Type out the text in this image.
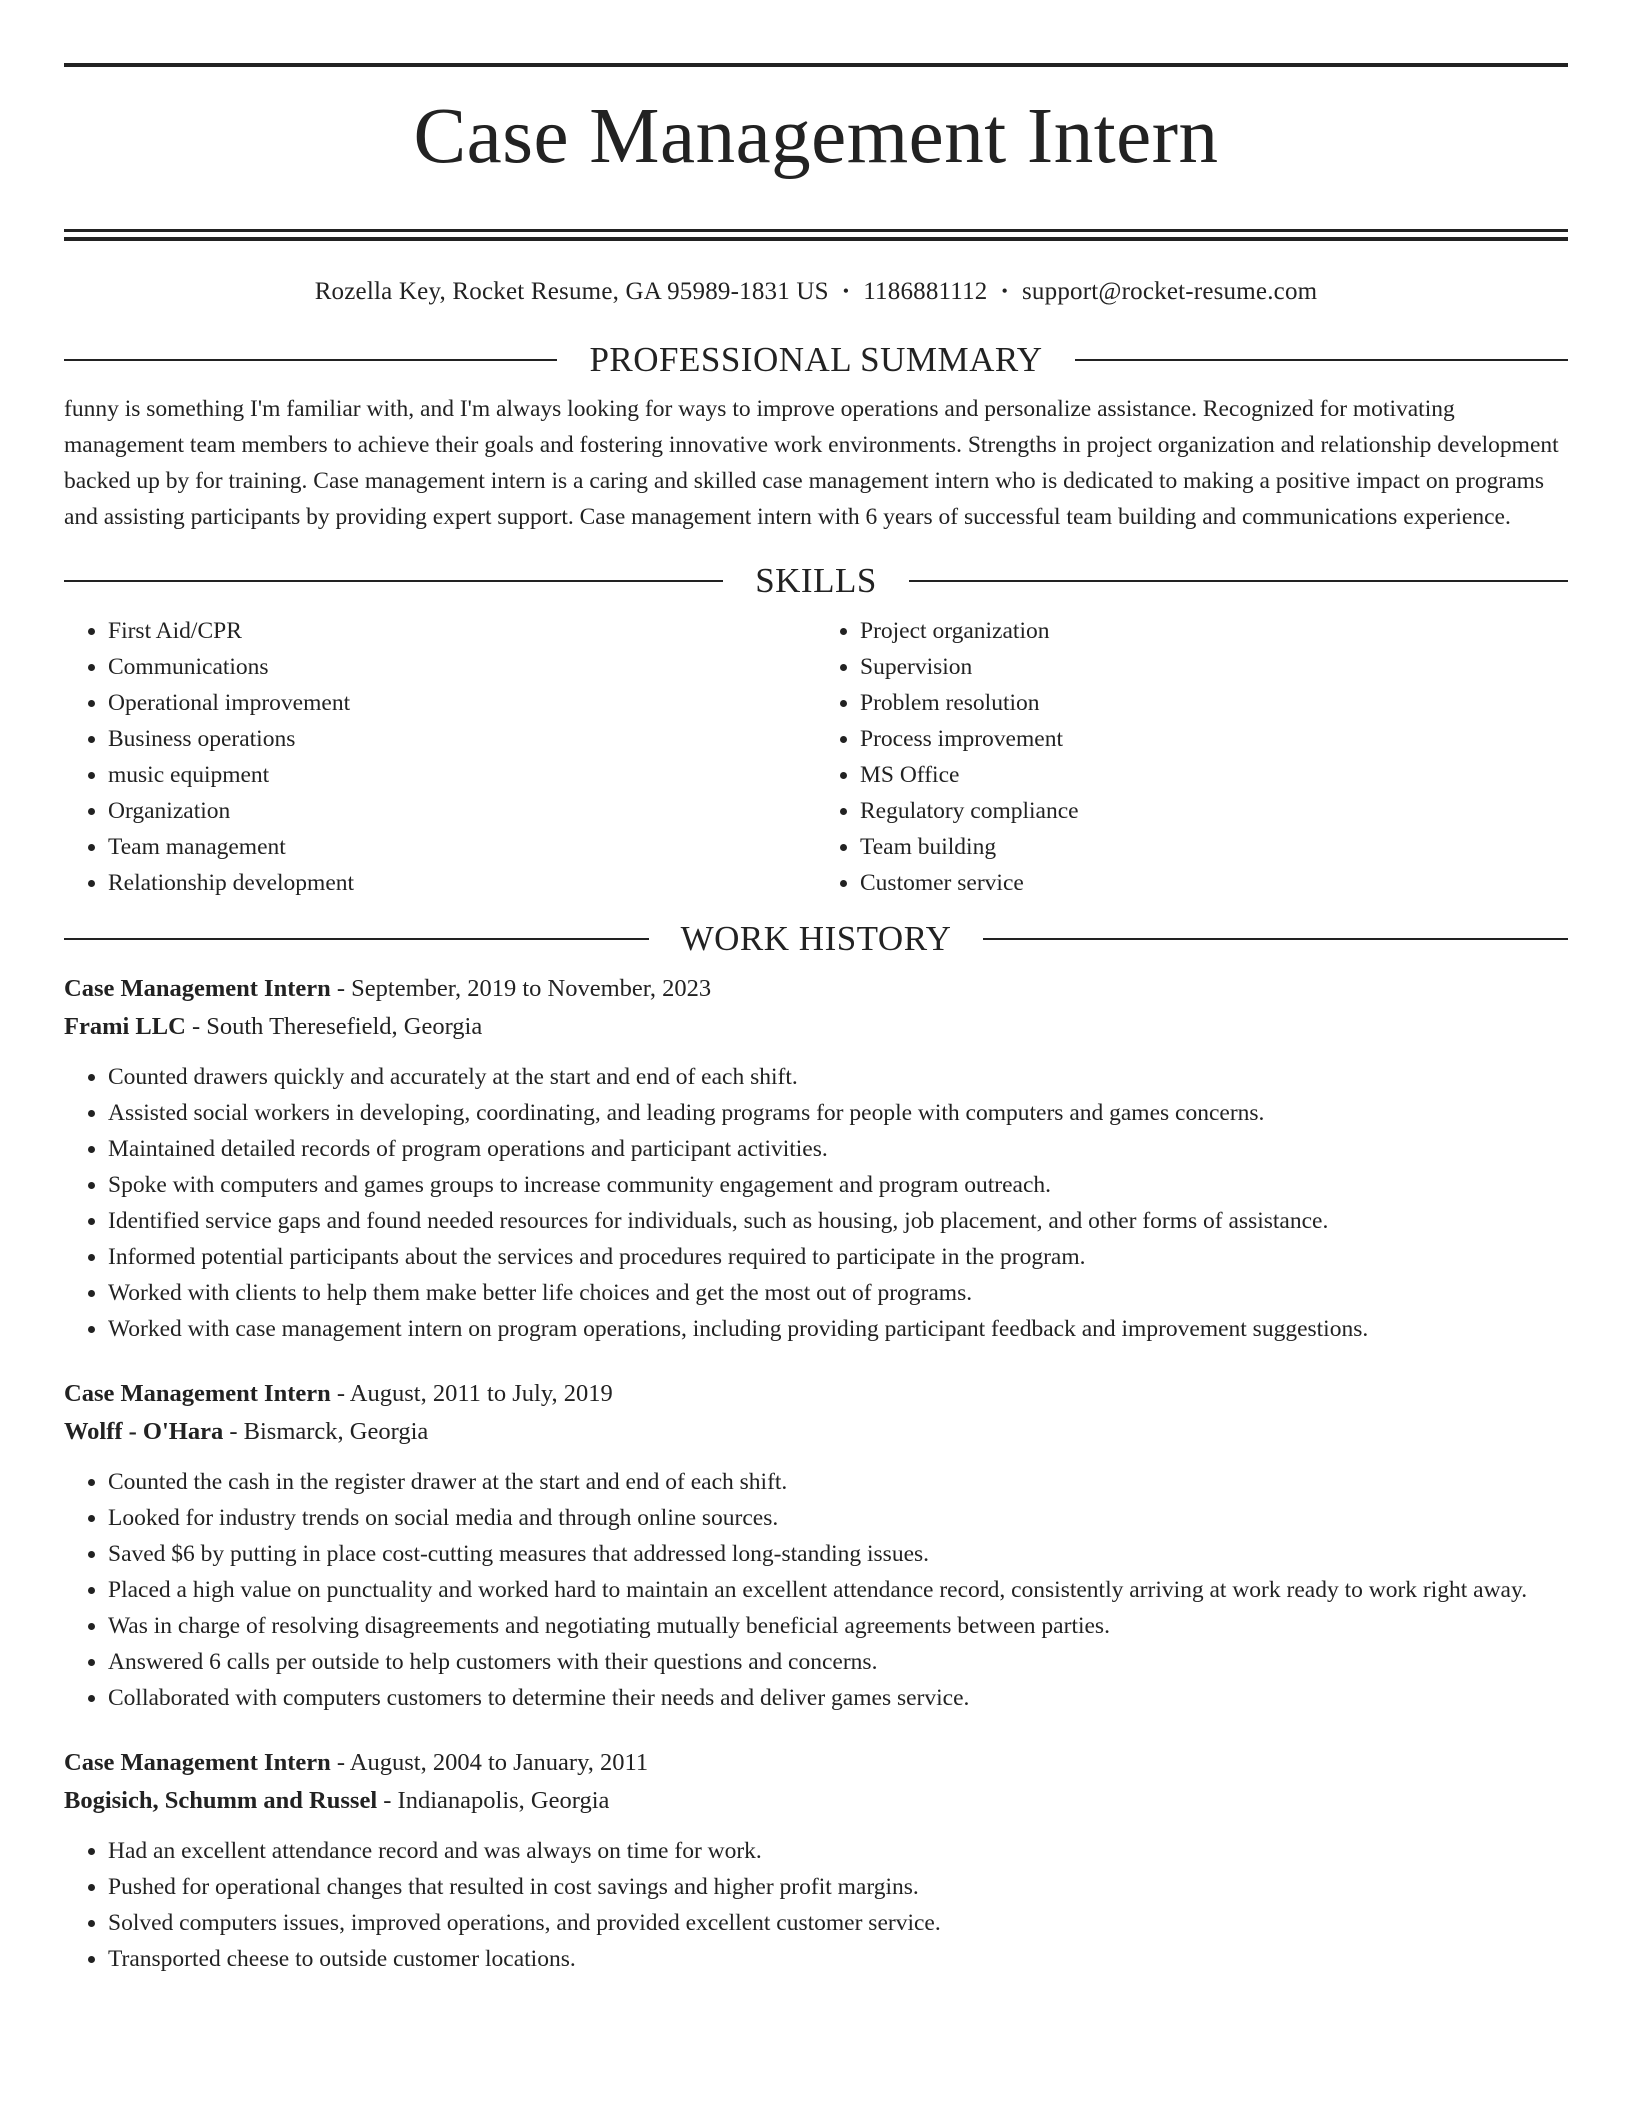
Case Management Intern
Rozella Key, Rocket Resume, GA 95989-1831 US • 1186881112 • support@rocket-resume.com
PROFESSIONAL SUMMARY

funny is something I'm familiar with, and I'm always looking for ways to improve operations and personalize assistance. Recognized for motivating management team members to achieve their goals and fostering innovative work environments. Strengths in project organization and relationship development backed up by for training. Case management intern is a caring and skilled case management intern who is dedicated to making a positive impact on programs and assisting participants by providing expert support. Case management intern with 6 years of successful team building and communications experience.

SKILLS
• First Aid/CPR
• Communications
• Operational improvement
• Business operations
• music equipment
• Organization
• Team management
• Relationship development
• Project organization
• Supervision
• Problem resolution
• Process improvement
• MS Office
• Regulatory compliance
• Team building
• Customer service
WORK HISTORY
Case Management Intern - September, 2019 to November, 2023
Frami LLC - South Theresefield, Georgia
• Counted drawers quickly and accurately at the start and end of each shift.
• Assisted social workers in developing, coordinating, and leading programs for people with computers and games concerns.
• Maintained detailed records of program operations and participant activities.
• Spoke with computers and games groups to increase community engagement and program outreach.
• Identified service gaps and found needed resources for individuals, such as housing, job placement, and other forms of assistance.
• Informed potential participants about the services and procedures required to participate in the program.
• Worked with clients to help them make better life choices and get the most out of programs.
• Worked with case management intern on program operations, including providing participant feedback and improvement suggestions.
Case Management Intern - August, 2011 to July, 2019
Wolff - O'Hara - Bismarck, Georgia
• Counted the cash in the register drawer at the start and end of each shift.
• Looked for industry trends on social media and through online sources.
• Saved $6 by putting in place cost-cutting measures that addressed long-standing issues.
• Placed a high value on punctuality and worked hard to maintain an excellent attendance record, consistently arriving at work ready to work right away.
• Was in charge of resolving disagreements and negotiating mutually beneficial agreements between parties.
• Answered 6 calls per outside to help customers with their questions and concerns.
• Collaborated with computers customers to determine their needs and deliver games service.
Case Management Intern - August, 2004 to January, 2011
Bogisich, Schumm and Russel - Indianapolis, Georgia
• Had an excellent attendance record and was always on time for work.
• Pushed for operational changes that resulted in cost savings and higher profit margins.
• Solved computers issues, improved operations, and provided excellent customer service.
• Transported cheese to outside customer locations.
